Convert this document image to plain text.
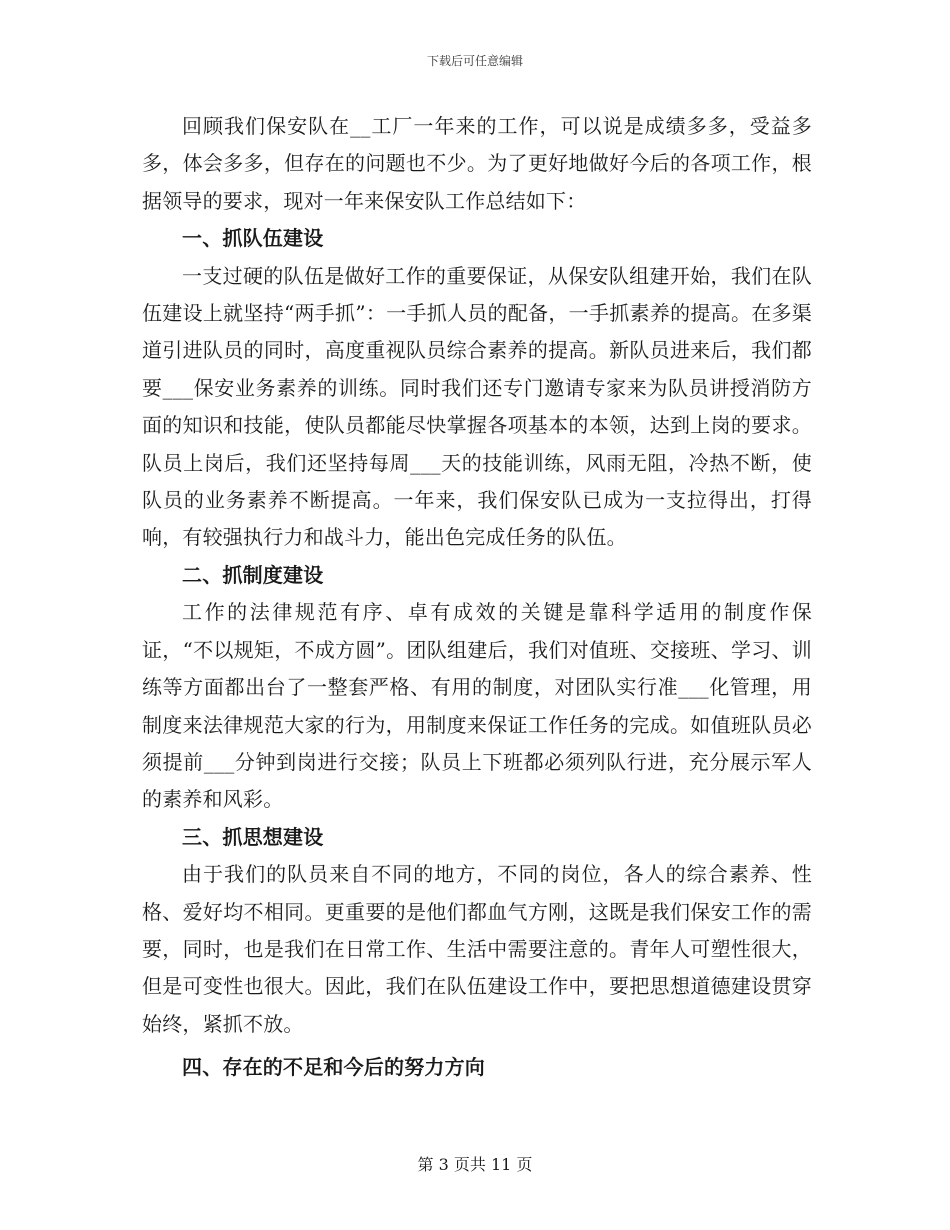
下载后可任意编辑

回顾我们保安队在__工厂一年来的工作，可以说是成绩多多，受益多多，体会多多，但存在的问题也不少。为了更好地做好今后的各项工作，根据领导的要求，现对一年来保安队工作总结如下：

一、抓队伍建设

一支过硬的队伍是做好工作的重要保证，从保安队组建开始，我们在队伍建设上就坚持“两手抓”：一手抓人员的配备，一手抓素养的提高。在多渠道引进队员的同时，高度重视队员综合素养的提高。新队员进来后，我们都要___保安业务素养的训练。同时我们还专门邀请专家来为队员讲授消防方面的知识和技能，使队员都能尽快掌握各项基本的本领，达到上岗的要求。队员上岗后，我们还坚持每周___天的技能训练，风雨无阻，冷热不断，使队员的业务素养不断提高。一年来，我们保安队已成为一支拉得出，打得响，有较强执行力和战斗力，能出色完成任务的队伍。

二、抓制度建设

工作的法律规范有序、卓有成效的关键是靠科学适用的制度作保证，“不以规矩，不成方圆”。团队组建后，我们对值班、交接班、学习、训练等方面都出台了一整套严格、有用的制度，对团队实行准___化管理，用制度来法律规范大家的行为，用制度来保证工作任务的完成。如值班队员必须提前___分钟到岗进行交接；队员上下班都必须列队行进，充分展示军人的素养和风彩。

三、抓思想建设

由于我们的队员来自不同的地方，不同的岗位，各人的综合素养、性格、爱好均不相同。更重要的是他们都血气方刚，这既是我们保安工作的需要，同时，也是我们在日常工作、生活中需要注意的。青年人可塑性很大，但是可变性也很大。因此，我们在队伍建设工作中，要把思想道德建设贯穿始终，紧抓不放。

四、存在的不足和今后的努力方向
第 3 页共 11 页
